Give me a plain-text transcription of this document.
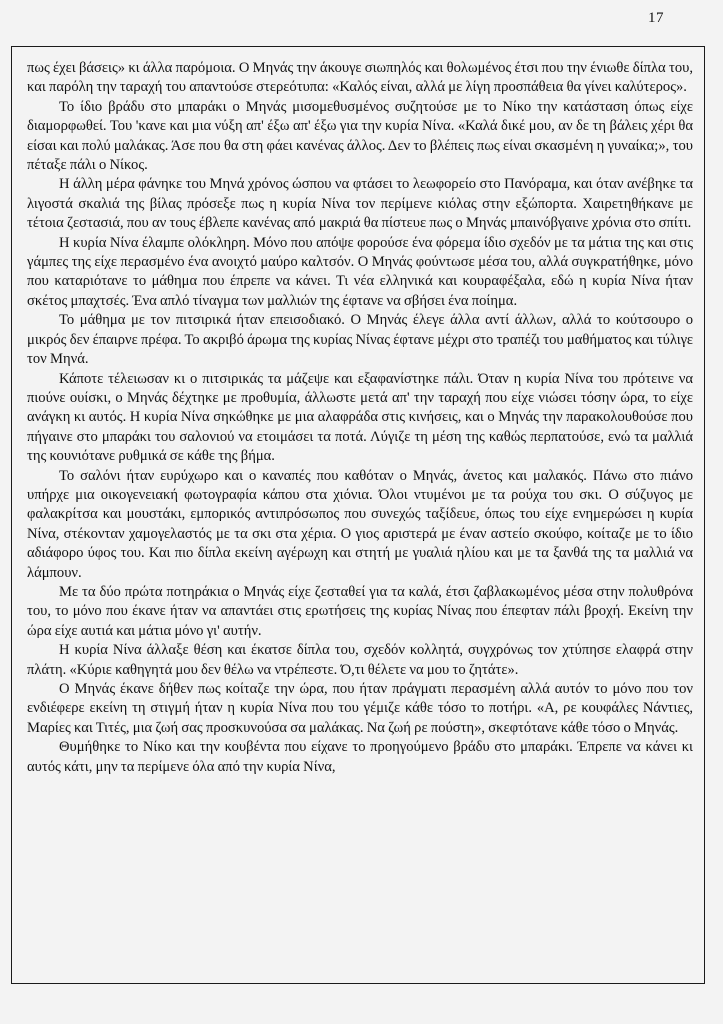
17

πως έχει βάσεις» κι άλλα παρόμοια. Ο Μηνάς την άκουγε σιωπηλός και θολωμένος έτσι που την ένιωθε δίπλα του, και παρόλη την ταραχή του απαντούσε στερεότυπα: «Καλός είναι, αλλά με λίγη προσπάθεια θα γίνει καλύτερος».

Το ίδιο βράδυ στο μπαράκι ο Μηνάς μισομεθυσμένος συζητούσε με το Νίκο την κατάσταση όπως είχε διαμορφωθεί. Του 'κανε και μια νύξη απ' έξω απ' έξω για την κυρία Νίνα. «Καλά δικέ μου, αν δε τη βάλεις χέρι θα είσαι και πολύ μαλάκας. Άσε που θα στη φάει κανένας άλλος. Δεν το βλέπεις πως είναι σκασμένη η γυναίκα;», του πέταξε πάλι ο Νίκος.

Η άλλη μέρα φάνηκε του Μηνά χρόνος ώσπου να φτάσει το λεωφορείο στο Πανόραμα, και όταν ανέβηκε τα λιγοστά σκαλιά της βίλας πρόσεξε πως η κυρία Νίνα τον περίμενε κιόλας στην εξώπορτα. Χαιρετηθήκανε με τέτοια ζεστασιά, που αν τους έβλεπε κανένας από μακριά θα πίστευε πως ο Μηνάς μπαινόβγαινε χρόνια στο σπίτι.

Η κυρία Νίνα έλαμπε ολόκληρη. Μόνο που απόψε φορούσε ένα φόρεμα ίδιο σχεδόν με τα μάτια της και στις γάμπες της είχε περασμένο ένα ανοιχτό μαύρο καλτσόν. Ο Μηνάς φούντωσε μέσα του, αλλά συγκρατήθηκε, μόνο που καταριότανε το μάθημα που έπρεπε να κάνει. Τι νέα ελληνικά και κουραφέξαλα, εδώ η κυρία Νίνα ήταν σκέτος μπαχτσές. Ένα απλό τίναγμα των μαλλιών της έφτανε να σβήσει ένα ποίημα.

Το μάθημα με τον πιτσιρικά ήταν επεισοδιακό. Ο Μηνάς έλεγε άλλα αντί άλλων, αλλά το κούτσουρο ο μικρός δεν έπαιρνε πρέφα. Το ακριβό άρωμα της κυρίας Νίνας έφτανε μέχρι στο τραπέζι του μαθήματος και τύλιγε τον Μηνά.

Κάποτε τέλειωσαν κι ο πιτσιρικάς τα μάζεψε και εξαφανίστηκε πάλι. Όταν η κυρία Νίνα του πρότεινε να πιούνε ουίσκι, ο Μηνάς δέχτηκε με προθυμία, άλλωστε μετά απ' την ταραχή που είχε νιώσει τόσην ώρα, το είχε ανάγκη κι αυτός. Η κυρία Νίνα σηκώθηκε με μια αλαφράδα στις κινήσεις, και ο Μηνάς την παρακολουθούσε που πήγαινε στο μπαράκι του σαλονιού να ετοιμάσει τα ποτά. Λύγιζε τη μέση της καθώς περπατούσε, ενώ τα μαλλιά της κουνιότανε ρυθμικά σε κάθε της βήμα.

Το σαλόνι ήταν ευρύχωρο και ο καναπές που καθόταν ο Μηνάς, άνετος και μαλακός. Πάνω στο πιάνο υπήρχε μια οικογενειακή φωτογραφία κάπου στα χιόνια. Όλοι ντυμένοι με τα ρούχα του σκι. Ο σύζυγος με φαλακρίτσα και μουστάκι, εμπορικός αντιπρόσωπος που συνεχώς ταξίδευε, όπως του είχε ενημερώσει η κυρία Νίνα, στέκονταν χαμογελαστός με τα σκι στα χέρια. Ο γιος αριστερά με έναν αστείο σκούφο, κοίταζε με το ίδιο αδιάφορο ύφος του. Και πιο δίπλα εκείνη αγέρωχη και στητή με γυαλιά ηλίου και με τα ξανθά της τα μαλλιά να λάμπουν.

Με τα δύο πρώτα ποτηράκια ο Μηνάς είχε ζεσταθεί για τα καλά, έτσι ζαβλακωμένος μέσα στην πολυθρόνα του, το μόνο που έκανε ήταν να απαντάει στις ερωτήσεις της κυρίας Νίνας που έπεφταν πάλι βροχή. Εκείνη την ώρα είχε αυτιά και μάτια μόνο γι' αυτήν.

Η κυρία Νίνα άλλαξε θέση και έκατσε δίπλα του, σχεδόν κολλητά, συγχρόνως τον χτύπησε ελαφρά στην πλάτη. «Κύριε καθηγητά μου δεν θέλω να ντρέπεστε. Ό,τι θέλετε να μου το ζητάτε».

Ο Μηνάς έκανε δήθεν πως κοίταζε την ώρα, που ήταν πράγματι περασμένη αλλά αυτόν το μόνο που τον ενδιέφερε εκείνη τη στιγμή ήταν η κυρία Νίνα που του γέμιζε κάθε τόσο το ποτήρι. «Α, ρε κουφάλες Νάντιες, Μαρίες και Τιτές, μια ζωή σας προσκυνούσα σα μαλάκας. Να ζωή ρε πούστη», σκεφτότανε κάθε τόσο ο Μηνάς.

Θυμήθηκε το Νίκο και την κουβέντα που είχανε το προηγούμενο βράδυ στο μπαράκι. Έπρεπε να κάνει κι αυτός κάτι, μην τα περίμενε όλα από την κυρία Νίνα,
